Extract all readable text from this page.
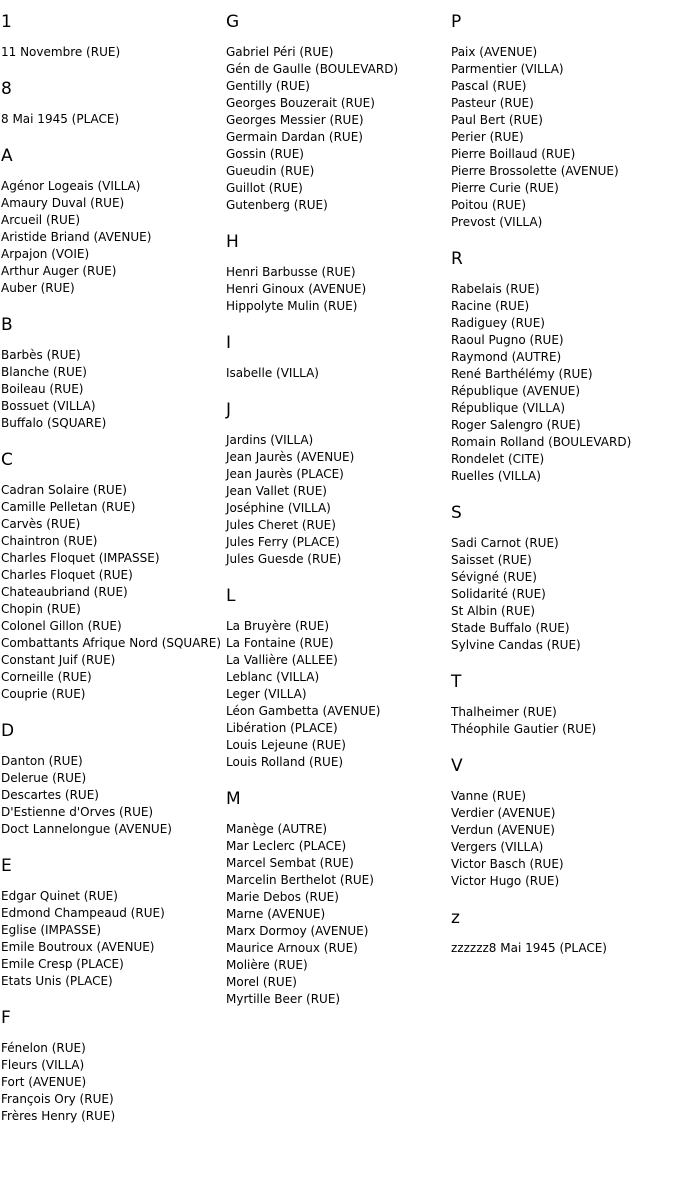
1
11 Novembre (RUE)
8
8 Mai 1945 (PLACE)
A
Agénor Logeais (VILLA)
Amaury Duval (RUE)
Arcueil (RUE)
Aristide Briand (AVENUE)
Arpajon (VOIE)
Arthur Auger (RUE)
Auber (RUE)
B
Barbès (RUE)
Blanche (RUE)
Boileau (RUE)
Bossuet (VILLA)
Buffalo (SQUARE)
C
Cadran Solaire (RUE)
Camille Pelletan (RUE)
Carvès (RUE)
Chaintron (RUE)
Charles Floquet (IMPASSE)
Charles Floquet (RUE)
Chateaubriand (RUE)
Chopin (RUE)
Colonel Gillon (RUE)
Combattants Afrique Nord (SQUARE)
Constant Juif (RUE)
Corneille (RUE)
Couprie (RUE)
D
Danton (RUE)
Delerue (RUE)
Descartes (RUE)
D'Estienne d'Orves (RUE)
Doct Lannelongue (AVENUE)
E
Edgar Quinet (RUE)
Edmond Champeaud (RUE)
Eglise (IMPASSE)
Emile Boutroux (AVENUE)
Emile Cresp (PLACE)
Etats Unis (PLACE)
F
Fénelon (RUE)
Fleurs (VILLA)
Fort (AVENUE)
François Ory (RUE)
Frères Henry (RUE)
G
Gabriel Péri (RUE)
Gén de Gaulle (BOULEVARD)
Gentilly (RUE)
Georges Bouzerait (RUE)
Georges Messier (RUE)
Germain Dardan (RUE)
Gossin (RUE)
Gueudin (RUE)
Guillot (RUE)
Gutenberg (RUE)
H
Henri Barbusse (RUE)
Henri Ginoux (AVENUE)
Hippolyte Mulin (RUE)
I
Isabelle (VILLA)
J
Jardins (VILLA)
Jean Jaurès (AVENUE)
Jean Jaurès (PLACE)
Jean Vallet (RUE)
Joséphine (VILLA)
Jules Cheret (RUE)
Jules Ferry (PLACE)
Jules Guesde (RUE)
L
La Bruyère (RUE)
La Fontaine (RUE)
La Vallière (ALLEE)
Leblanc (VILLA)
Leger (VILLA)
Léon Gambetta (AVENUE)
Libération (PLACE)
Louis Lejeune (RUE)
Louis Rolland (RUE)
M
Manège (AUTRE)
Mar Leclerc (PLACE)
Marcel Sembat (RUE)
Marcelin Berthelot (RUE)
Marie Debos (RUE)
Marne (AVENUE)
Marx Dormoy (AVENUE)
Maurice Arnoux (RUE)
Molière (RUE)
Morel (RUE)
Myrtille Beer (RUE)
P
Paix (AVENUE)
Parmentier (VILLA)
Pascal (RUE)
Pasteur (RUE)
Paul Bert (RUE)
Perier (RUE)
Pierre Boillaud (RUE)
Pierre Brossolette (AVENUE)
Pierre Curie (RUE)
Poitou (RUE)
Prevost (VILLA)
R
Rabelais (RUE)
Racine (RUE)
Radiguey (RUE)
Raoul Pugno (RUE)
Raymond (AUTRE)
René Barthélémy (RUE)
République (AVENUE)
République (VILLA)
Roger Salengro (RUE)
Romain Rolland (BOULEVARD)
Rondelet (CITE)
Ruelles (VILLA)
S
Sadi Carnot (RUE)
Saisset (RUE)
Sévigné (RUE)
Solidarité (RUE)
St Albin (RUE)
Stade Buffalo (RUE)
Sylvine Candas (RUE)
T
Thalheimer (RUE)
Théophile Gautier (RUE)
V
Vanne (RUE)
Verdier (AVENUE)
Verdun (AVENUE)
Vergers (VILLA)
Victor Basch (RUE)
Victor Hugo (RUE)
z
zzzzzz8 Mai 1945 (PLACE)
